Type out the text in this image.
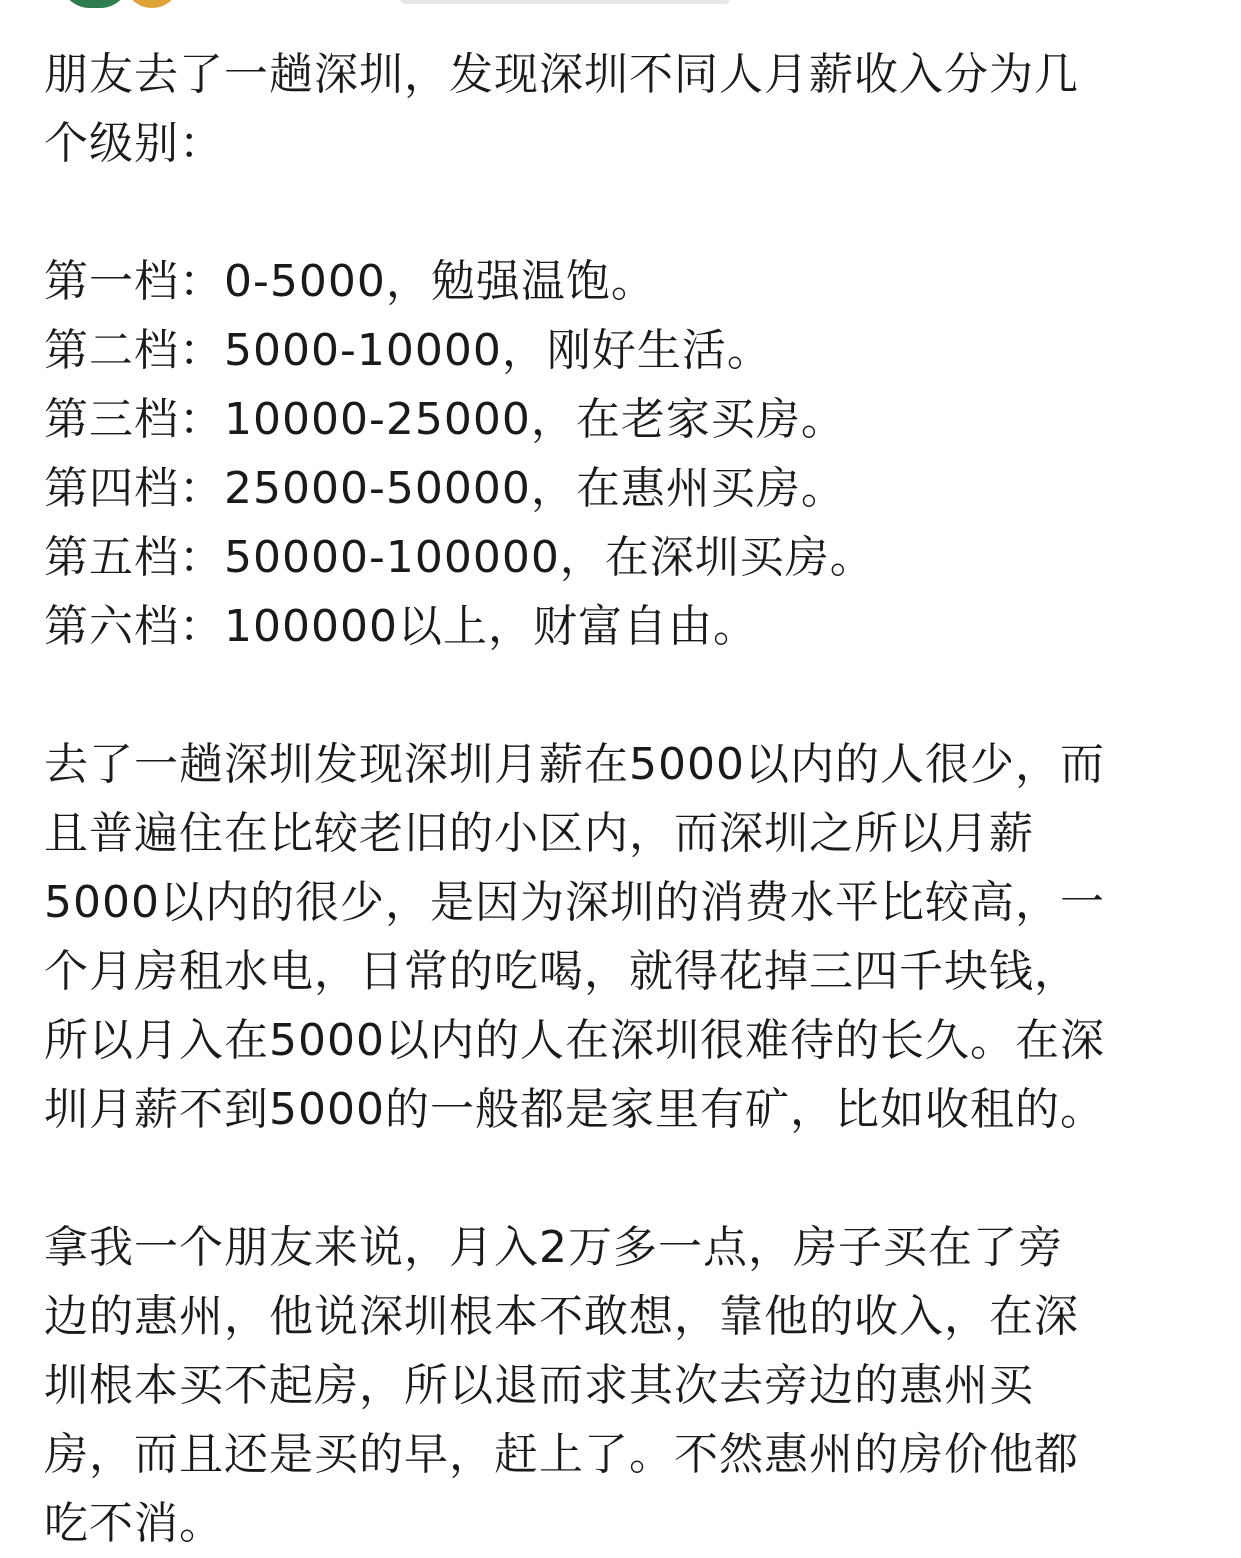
朋友去了一趟深圳，发现深圳不同人月薪收入分为几

个级别：

第一档：0-5000，勉强温饱。

第二档：5000-10000，刚好生活。

第三档：10000-25000，在老家买房。

第四档：25000-50000，在惠州买房。

第五档：50000-100000，在深圳买房。

第六档：100000以上，财富自由。

去了一趟深圳发现深圳月薪在5000以内的人很少，而

且普遍住在比较老旧的小区内，而深圳之所以月薪

5000以内的很少，是因为深圳的消费水平比较高，一

个月房租水电，日常的吃喝，就得花掉三四千块钱，

所以月入在5000以内的人在深圳很难待的长久。在深

圳月薪不到5000的一般都是家里有矿，比如收租的。

拿我一个朋友来说，月入2万多一点，房子买在了旁

边的惠州，他说深圳根本不敢想，靠他的收入，在深

圳根本买不起房，所以退而求其次去旁边的惠州买

房，而且还是买的早，赶上了。不然惠州的房价他都

吃不消。
